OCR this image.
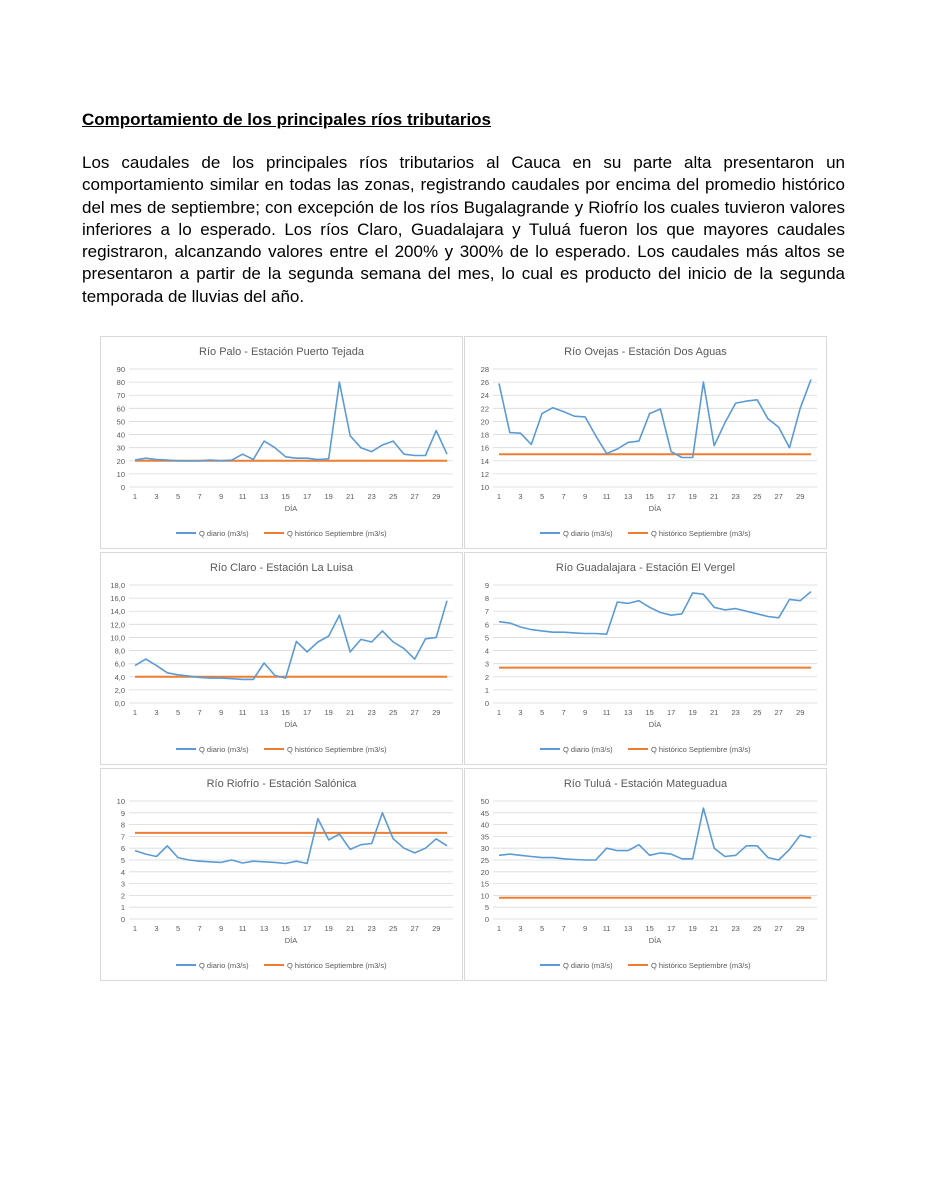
Comportamiento de los principales ríos tributarios

Los caudales de los principales ríos tributarios al Cauca en su parte alta presentaron un comportamiento similar en todas las zonas, registrando caudales por encima del promedio histórico del mes de septiembre; con excepción de los ríos Bugalagrande y Riofrío los cuales tuvieron valores inferiores a lo esperado. Los ríos Claro, Guadalajara y Tuluá fueron los que mayores caudales registraron, alcanzando valores entre el 200% y 300% de lo esperado. Los caudales más altos se presentaron a partir de la segunda semana del mes, lo cual es producto del inicio de la segunda temporada de lluvias del año.

Río Palo - Estación Puerto Tejada
0
10
20
30
40
50
60
70
80
90
1 3 5 7 9 11 13 15 17 19 21 23 25 27 29
DÍA
Q diario (m3/s)	Q histórico Septiembre (m3/s)
Río Ovejas - Estación Dos Aguas
10
12
14
16
18
20
22
24
26
28
1 3 5 7 9 11 13 15 17 19 21 23 25 27 29
DÍA
Q diario (m3/s)	Q histórico Septiembre (m3/s)
Río Claro - Estación La Luisa
0,0
2,0
4,0
6,0
8,0
10,0
12,0
14,0
16,0
18,0
1 3 5 7 9 11 13 15 17 19 21 23 25 27 29
DÍA
Q diario (m3/s)	Q histórico Septiembre (m3/s)
Río Guadalajara - Estación El Vergel
0
1
2
3
4
5
6
7
8
9
1 3 5 7 9 11 13 15 17 19 21 23 25 27 29
DÍA
Q diario (m3/s)	Q histórico Septiembre (m3/s)
Río Riofrío - Estación Salónica
0
1
2
3
4
5
6
7
8
9
10
1 3 5 7 9 11 13 15 17 19 21 23 25 27 29
DÍA
Q diario (m3/s)	Q histórico Septiembre (m3/s)
Río Tuluá - Estación Mateguadua
0
5
10
15
20
25
30
35
40
45
50
1 3 5 7 9 11 13 15 17 19 21 23 25 27 29
DÍA
Q diario (m3/s)	Q histórico Septiembre (m3/s)
